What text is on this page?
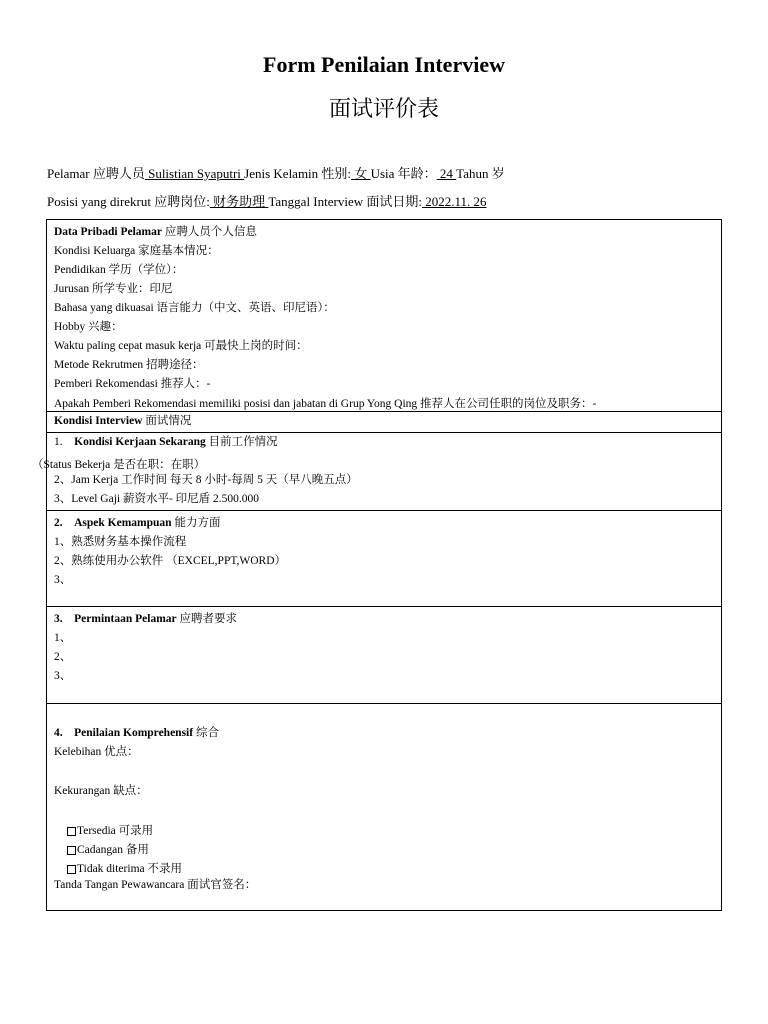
Form Penilaian Interview
面试评价表
Pelamar 应聘人员 Sulistian Syaputri Jenis Kelamin 性别: 女 Usia 年龄： 24 Tahun 岁
Posisi yang direkrut 应聘岗位: 财务助理 Tanggal Interview 面试日期: 2022.11. 26
Data Pribadi Pelamar 应聘人员个人信息
Kondisi Keluarga 家庭基本情况：
Pendidikan 学历（学位）：
Jurusan 所学专业：印尼
Bahasa yang dikuasai 语言能力（中文、英语、印尼语）：
Hobby 兴趣：
Waktu paling cepat masuk kerja 可最快上岗的时间：
Metode Rekrutmen 招聘途径：
Pemberi Rekomendasi 推荐人：-
Apakah Pemberi Rekomendasi memiliki posisi dan jabatan di Grup Yong Qing 推荐人在公司任职的岗位及职务：-
Kondisi Interview 面试情况
1. Kondisi Kerjaan Sekarang 目前工作情况
（Status Bekerja 是否在职：在职）
2、Jam Kerja 工作时间 每天 8 小时-每周 5 天（早八晚五点）
3、Level Gaji 薪资水平- 印尼盾 2.500.000
2. Aspek Kemampuan 能力方面
1、熟悉财务基本操作流程
2、熟练使用办公软件 （EXCEL,PPT,WORD）
3、
3. Permintaan Pelamar 应聘者要求
1、
2、
3、
4. Penilaian Komprehensif 综合
Kelebihan 优点：
Kekurangan 缺点：
Tersedia 可录用
Cadangan 备用
Tidak diterima 不录用
Tanda Tangan Pewawancara 面试官签名：
